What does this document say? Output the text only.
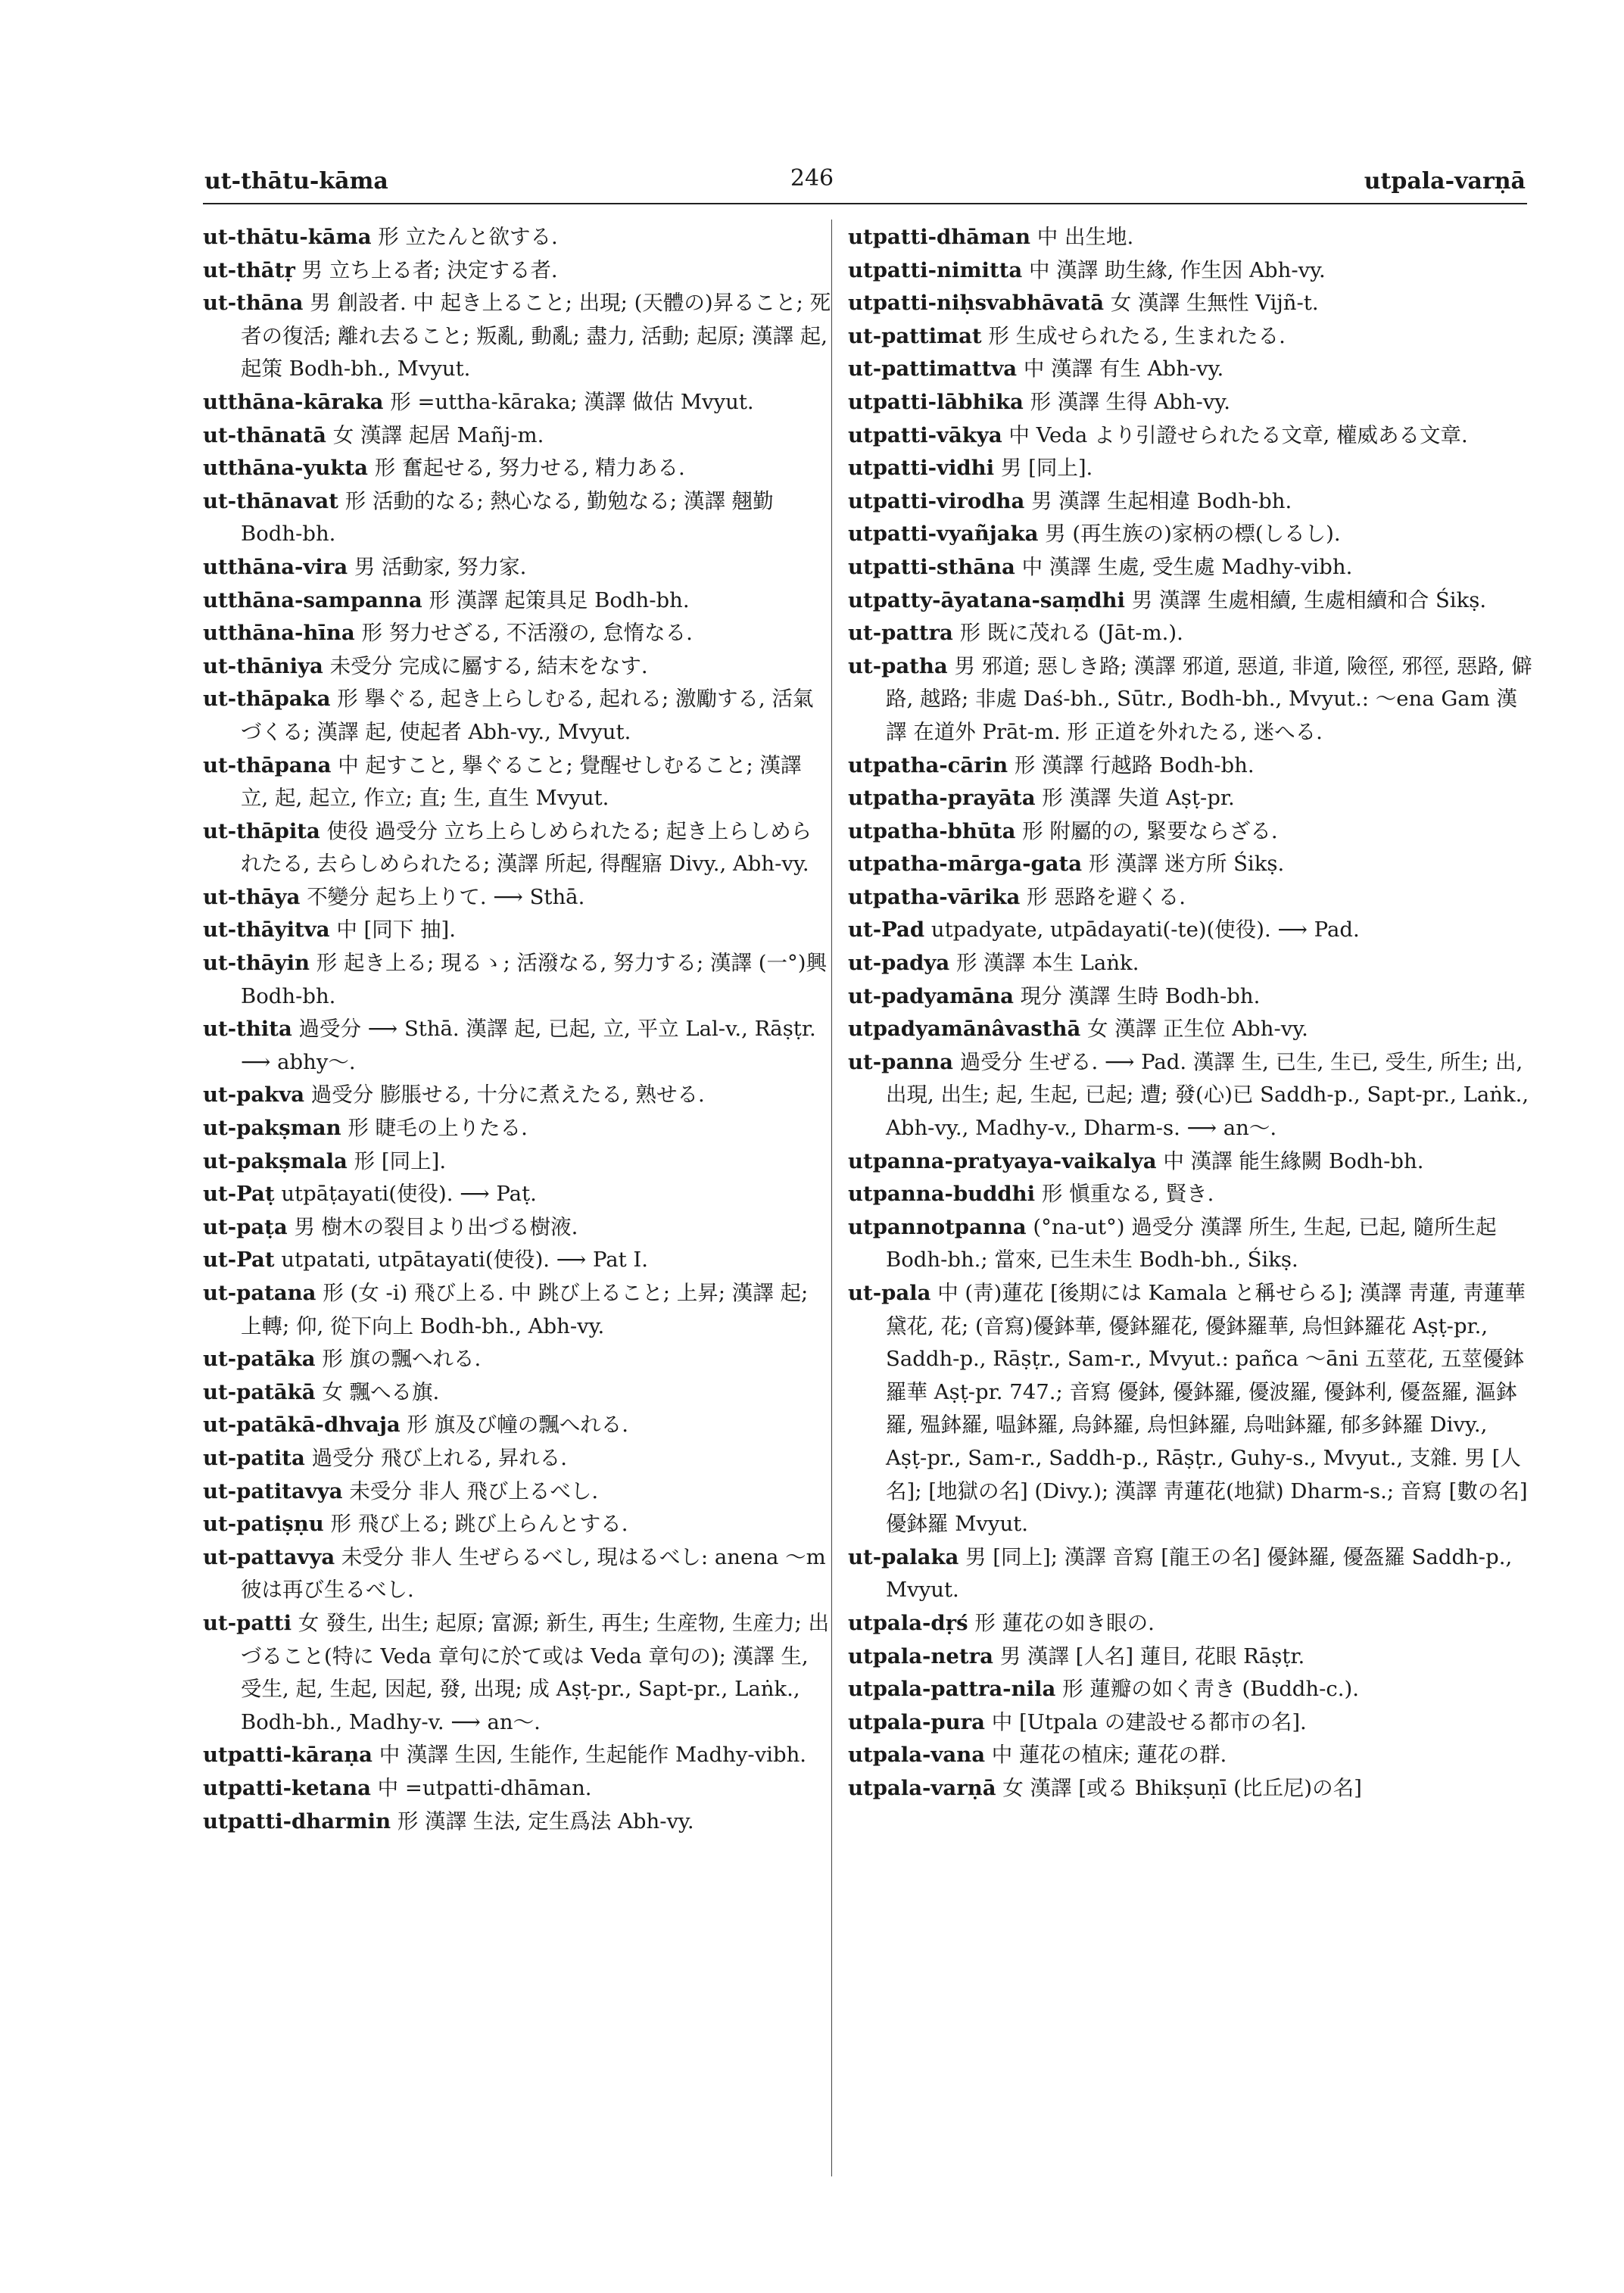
ut-thātu-kāma	246	utpala-varṇā

ut-thātu-kāma 形 立たんと欲する.

ut-thātṛ 男 立ち上る者; 決定する者.

ut-thāna 男 創設者. 中 起き上ること; 出現; (天體の)昇ること; 死者の復活; 離れ去ること; 叛亂, 動亂; 盡力, 活動; 起原; 漢譯 起, 起策 Bodh-bh., Mvyut.

utthāna-kāraka 形 =uttha-kāraka; 漢譯 做估 Mvyut.

ut-thānatā 女 漢譯 起居 Mañj-m.

utthāna-yukta 形 奮起せる, 努力せる, 精力ある.

ut-thānavat 形 活動的なる; 熱心なる, 勤勉なる; 漢譯 翹勤 Bodh-bh.

utthāna-vira 男 活動家, 努力家.

utthāna-sampanna 形 漢譯 起策具足 Bodh-bh.

utthāna-hīna 形 努力せざる, 不活潑の, 怠惰なる.

ut-thāniya 未受分 完成に屬する, 結末をなす.

ut-thāpaka 形 擧ぐる, 起き上らしむる, 起れる; 激勵する, 活氣づくる; 漢譯 起, 使起者 Abh-vy., Mvyut.

ut-thāpana 中 起すこと, 擧ぐること; 覺醒せしむること; 漢譯 立, 起, 起立, 作立; 直; 生, 直生 Mvyut.

ut-thāpita 使役 過受分 立ち上らしめられたる; 起き上らしめられたる, 去らしめられたる; 漢譯 所起, 得醒寤 Divy., Abh-vy.

ut-thāya 不變分 起ち上りて. ⟶ Sthā.

ut-thāyitva 中 [同下 抽].

ut-thāyin 形 起き上る; 現るゝ; 活潑なる, 努力する; 漢譯 (一°)興 Bodh-bh.

ut-thita 過受分 ⟶ Sthā. 漢譯 起, 已起, 立, 平立 Lal-v., Rāṣṭr. ⟶ abhy〜.

ut-pakva 過受分 膨脹せる, 十分に煮えたる, 熟せる.

ut-pakṣman 形 睫毛の上りたる.

ut-pakṣmala 形 [同上].

ut-Paṭ utpāṭayati(使役). ⟶ Paṭ.

ut-paṭa 男 樹木の裂目より出づる樹液.

ut-Pat utpatati, utpātayati(使役). ⟶ Pat I.

ut-patana 形 (女 -i) 飛び上る. 中 跳び上ること; 上昇; 漢譯 起; 上轉; 仰, 從下向上 Bodh-bh., Abh-vy.

ut-patāka 形 旗の飄へれる.

ut-patākā 女 飄へる旗.

ut-patākā-dhvaja 形 旗及び幢の飄へれる.

ut-patita 過受分 飛び上れる, 昇れる.

ut-patitavya 未受分 非人 飛び上るべし.

ut-patiṣṇu 形 飛び上る; 跳び上らんとする.

ut-pattavya 未受分 非人 生ぜらるべし, 現はるべし: anena 〜m 彼は再び生るべし.

ut-patti 女 發生, 出生; 起原; 富源; 新生, 再生; 生産物, 生産力; 出づること(特に Veda 章句に於て或は Veda 章句の); 漢譯 生, 受生, 起, 生起, 因起, 發, 出現; 成 Aṣṭ-pr., Sapt-pr., Laṅk., Bodh-bh., Madhy-v. ⟶ an〜.

utpatti-kāraṇa 中 漢譯 生因, 生能作, 生起能作 Madhy-vibh.

utpatti-ketana 中 =utpatti-dhāman.

utpatti-dharmin 形 漢譯 生法, 定生爲法 Abh-vy.

utpatti-dhāman 中 出生地.

utpatti-nimitta 中 漢譯 助生緣, 作生因 Abh-vy.

utpatti-niḥsvabhāvatā 女 漢譯 生無性 Vijñ-t.

ut-pattimat 形 生成せられたる, 生まれたる.

ut-pattimattva 中 漢譯 有生 Abh-vy.

utpatti-lābhika 形 漢譯 生得 Abh-vy.

utpatti-vākya 中 Veda より引證せられたる文章, 權威ある文章.

utpatti-vidhi 男 [同上].

utpatti-virodha 男 漢譯 生起相違 Bodh-bh.

utpatti-vyañjaka 男 (再生族の)家柄の標(しるし).

utpatti-sthāna 中 漢譯 生處, 受生處 Madhy-vibh.

utpatty-āyatana-saṃdhi 男 漢譯 生處相續, 生處相續和合 Śikṣ.

ut-pattra 形 既に茂れる (Jāt-m.).

ut-patha 男 邪道; 惡しき路; 漢譯 邪道, 惡道, 非道, 險徑, 邪徑, 惡路, 僻路, 越路; 非處 Daś-bh., Sūtr., Bodh-bh., Mvyut.: 〜ena Gam 漢譯 在道外 Prāt-m. 形 正道を外れたる, 迷へる.

utpatha-cārin 形 漢譯 行越路 Bodh-bh.

utpatha-prayāta 形 漢譯 失道 Aṣṭ-pr.

utpatha-bhūta 形 附屬的の, 緊要ならざる.

utpatha-mārga-gata 形 漢譯 迷方所 Śikṣ.

utpatha-vārika 形 惡路を避くる.

ut-Pad utpadyate, utpādayati(-te)(使役). ⟶ Pad.

ut-padya 形 漢譯 本生 Laṅk.

ut-padyamāna 現分 漢譯 生時 Bodh-bh.

utpadyamānâvasthā 女 漢譯 正生位 Abh-vy.

ut-panna 過受分 生ぜる. ⟶ Pad. 漢譯 生, 已生, 生已, 受生, 所生; 出, 出現, 出生; 起, 生起, 已起; 遭; 發(心)已 Saddh-p., Sapt-pr., Laṅk., Abh-vy., Madhy-v., Dharm-s. ⟶ an〜.

utpanna-pratyaya-vaikalya 中 漢譯 能生緣闕 Bodh-bh.

utpanna-buddhi 形 愼重なる, 賢き.

utpannotpanna (°na-ut°) 過受分 漢譯 所生, 生起, 已起, 隨所生起 Bodh-bh.; 當來, 已生未生 Bodh-bh., Śikṣ.

ut-pala 中 (靑)蓮花 [後期には Kamala と稱せらる]; 漢譯 靑蓮, 靑蓮華 黛花, 花; (音寫)優鉢華, 優鉢羅花, 優鉢羅華, 烏怛鉢羅花 Aṣṭ-pr., Saddh-p., Rāṣṭr., Sam-r., Mvyut.: pañca 〜āni 五莖花, 五莖優鉢羅華 Aṣṭ-pr. 747.; 音寫 優鉢, 優鉢羅, 優波羅, 優鉢利, 優盔羅, 漚鉢羅, 殟鉢羅, 嗢鉢羅, 烏鉢羅, 烏怛鉢羅, 烏咄鉢羅, 郁多鉢羅 Divy., Aṣṭ-pr., Sam-r., Saddh-p., Rāṣṭr., Guhy-s., Mvyut., 支雜. 男 [人名]; [地獄の名] (Divy.); 漢譯 靑蓮花(地獄) Dharm-s.; 音寫 [數の名] 優鉢羅 Mvyut.

ut-palaka 男 [同上]; 漢譯 音寫 [龍王の名] 優鉢羅, 優盔羅 Saddh-p., Mvyut.

utpala-dṛś 形 蓮花の如き眼の.

utpala-netra 男 漢譯 [人名] 蓮目, 花眼 Rāṣṭr.

utpala-pattra-nila 形 蓮瓣の如く靑き (Buddh-c.).

utpala-pura 中 [Utpala の建設せる都市の名].

utpala-vana 中 蓮花の植床; 蓮花の群.

utpala-varṇā 女 漢譯 [或る Bhikṣuṇī (比丘尼)の名]
